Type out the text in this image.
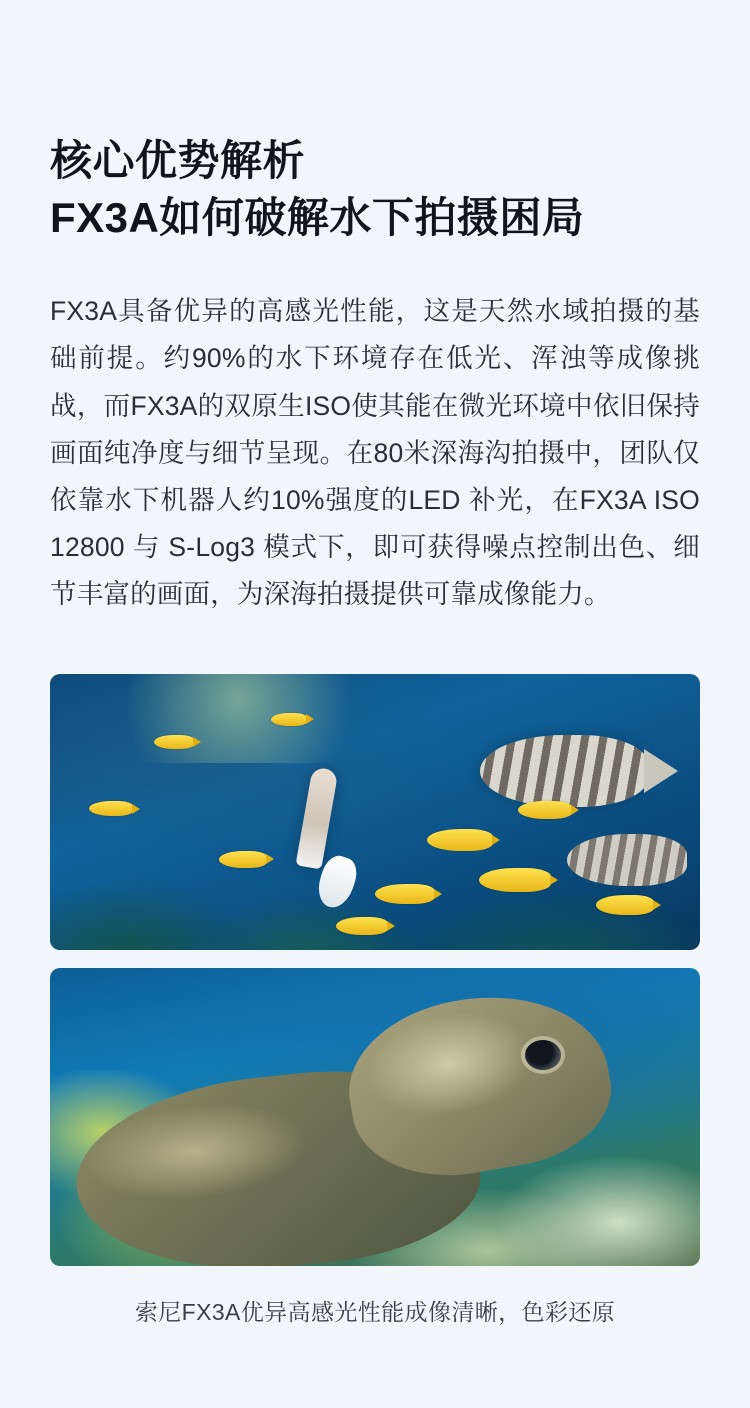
核心优势解析
FX3A如何破解水下拍摄困局

FX3A具备优异的高感光性能，这是天然水域拍摄的基础前提。约90%的水下环境存在低光、浑浊等成像挑战，而FX3A的双原生ISO使其能在微光环境中依旧保持画面纯净度与细节呈现。在80米深海沟拍摄中，团队仅依靠水下机器人约10%强度的LED 补光，在FX3A ISO 12800 与 S-Log3 模式下，即可获得噪点控制出色、细节丰富的画面，为深海拍摄提供可靠成像能力。

索尼FX3A优异高感光性能成像清晰，色彩还原
